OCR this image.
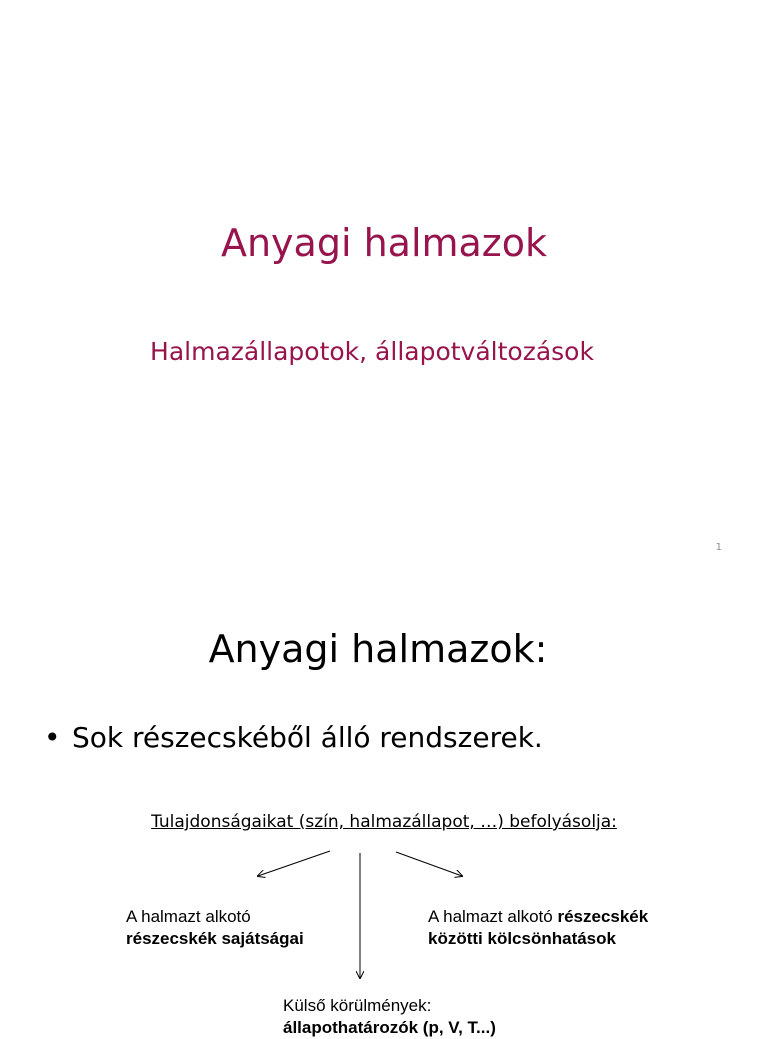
Anyagi halmazok
Halmazállapotok, állapotváltozások
1
Anyagi halmazok:
• Sok részecskéből álló rendszerek.
Tulajdonságaikat (szín, halmazállapot, …) befolyásolja:
A halmazt alkotó
részecskék sajátságai
A halmazt alkotó részecskék
közötti kölcsönhatások
Külső körülmények:
állapothatározók (p, V, T...)
